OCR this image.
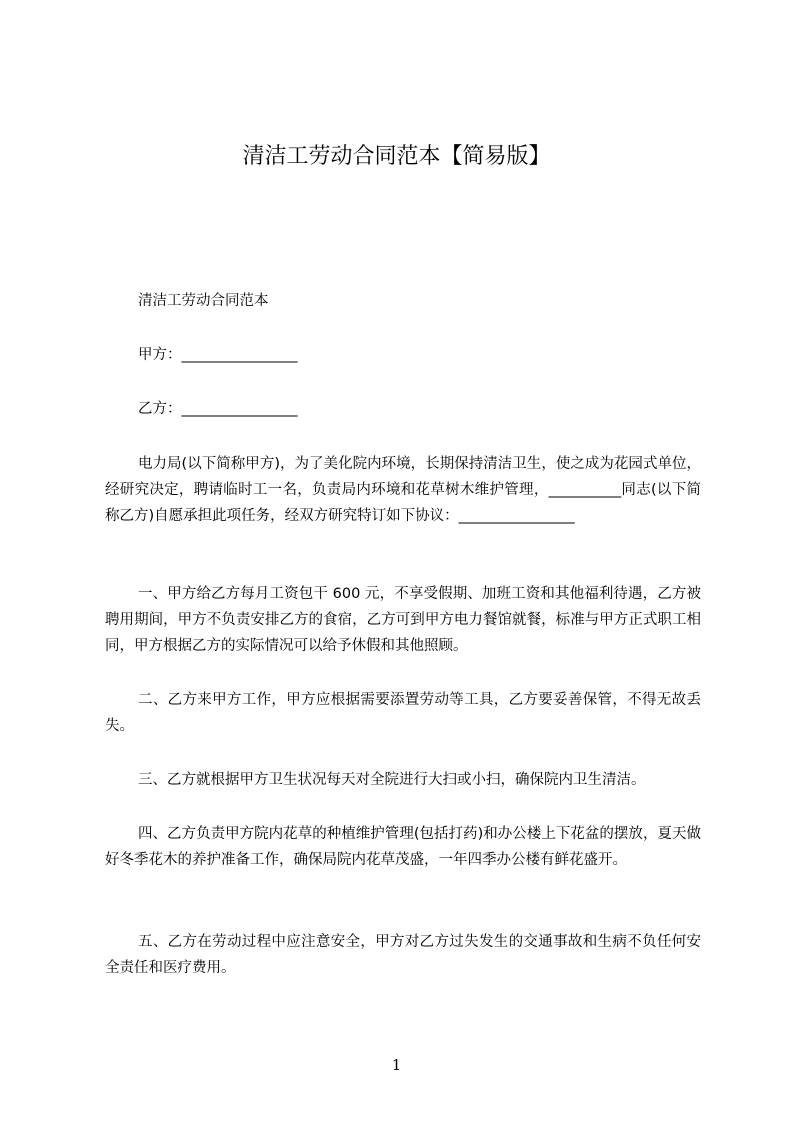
清洁工劳动合同范本【简易版】

清洁工劳动合同范本

甲方：________________

乙方：________________

电力局(以下简称甲方)，为了美化院内环境，长期保持清洁卫生，使之成为花园式单位，经研究决定，聘请临时工一名，负责局内环境和花草树木维护管理，__________同志(以下简称乙方)自愿承担此项任务，经双方研究特订如下协议：________________

一、甲方给乙方每月工资包干 600 元，不享受假期、加班工资和其他福利待遇，乙方被聘用期间，甲方不负责安排乙方的食宿，乙方可到甲方电力餐馆就餐，标准与甲方正式职工相同，甲方根据乙方的实际情况可以给予休假和其他照顾。

二、乙方来甲方工作，甲方应根据需要添置劳动等工具，乙方要妥善保管，不得无故丢失。

三、乙方就根据甲方卫生状况每天对全院进行大扫或小扫，确保院内卫生清洁。

四、乙方负责甲方院内花草的种植维护管理(包括打药)和办公楼上下花盆的摆放，夏天做好冬季花木的养护准备工作，确保局院内花草茂盛，一年四季办公楼有鲜花盛开。

五、乙方在劳动过程中应注意安全，甲方对乙方过失发生的交通事故和生病不负任何安全责任和医疗费用。

1
